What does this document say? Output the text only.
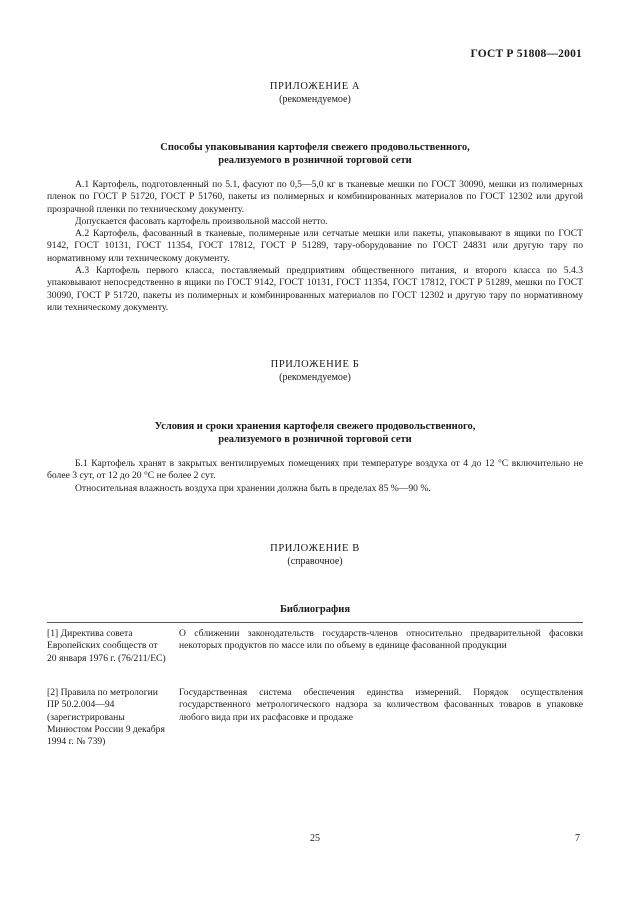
ГОСТ Р 51808—2001
ПРИЛОЖЕНИЕ А
(рекомендуемое)
Способы упаковывания картофеля свежего продовольственного,
реализуемого в розничной торговой сети

А.1 Картофель, подготовленный по 5.1, фасуют по 0,5—5,0 кг в тканевые мешки по ГОСТ 30090, мешки из полимерных пленок по ГОСТ Р 51720, ГОСТ Р 51760, пакеты из полимерных и комбинированных материалов по ГОСТ 12302 или другой прозрачной пленки по техническому документу.

Допускается фасовать картофель произвольной массой нетто.

А.2 Картофель, фасованный в тканевые, полимерные или сетчатые мешки или пакеты, упаковывают в ящики по ГОСТ 9142, ГОСТ 10131, ГОСТ 11354, ГОСТ 17812, ГОСТ Р 51289, тару-оборудование по ГОСТ 24831 или другую тару по нормативному или техническому документу.

А.3 Картофель первого класса, поставляемый предприятиям общественного питания, и второго класса по 5.4.3 упаковывают непосредственно в ящики по ГОСТ 9142, ГОСТ 10131, ГОСТ 11354, ГОСТ 17812, ГОСТ Р 51289, мешки по ГОСТ 30090, ГОСТ Р 51720, пакеты из полимерных и комбинированных материалов по ГОСТ 12302 и другую тару по нормативному или техническому документу.

ПРИЛОЖЕНИЕ Б
(рекомендуемое)
Условия и сроки хранения картофеля свежего продовольственного,
реализуемого в розничной торговой сети

Б.1 Картофель хранят в закрытых вентилируемых помещениях при температуре воздуха от 4 до 12 °С включительно не более 3 сут, от 12 до 20 °С не более 2 сут.

Относительная влажность воздуха при хранении должна быть в пределах 85 %—90 %.

ПРИЛОЖЕНИЕ В
(справочное)
Библиография
[1] Директива совета Европейских сообществ от 20 января 1976 г. (76/211/ЕС)
О сближении законодательств государств-членов относительно предварительной фасовки некоторых продуктов по массе или по объему в единице фасованной продукции
[2] Правила по метрологии ПР 50.2.004—94 (зарегистрированы Минюстом России 9 декабря 1994 г. № 739)
Государственная система обеспечения единства измерений. Порядок осуществления государственного метрологического надзора за количеством фасованных товаров в упаковке любого вида при их расфасовке и продаже
25	7
